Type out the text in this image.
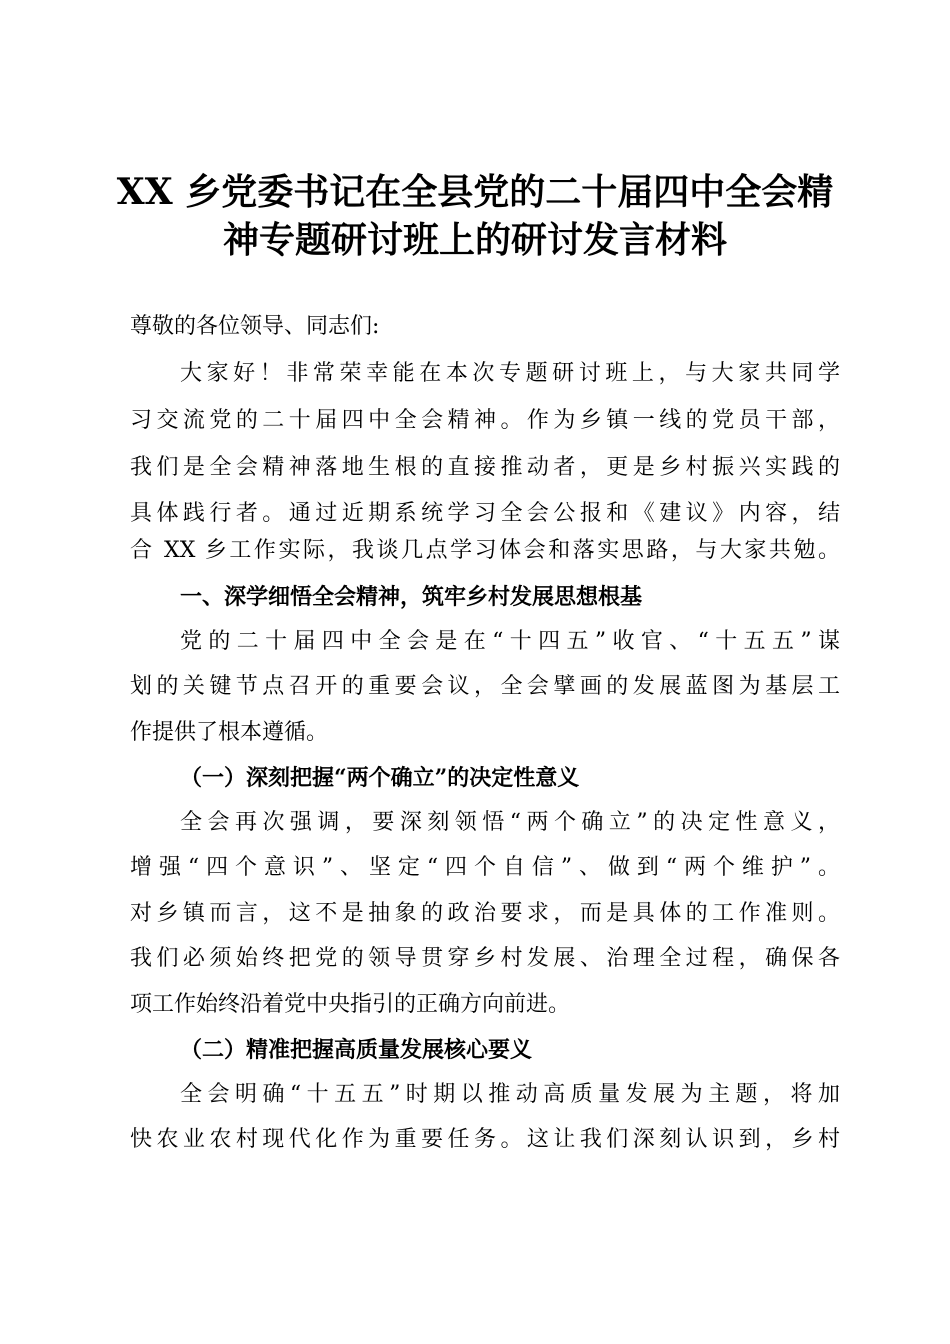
XX 乡党委书记在全县党的二十届四中全会精
神专题研讨班上的研讨发言材料
尊敬的各位领导、同志们:
大家好！非常荣幸能在本次专题研讨班上，与大家共同学
习交流党的二十届四中全会精神。作为乡镇一线的党员干部，
我们是全会精神落地生根的直接推动者，更是乡村振兴实践的
具体践行者。通过近期系统学习全会公报和《建议》内容，结
合 XX 乡工作实际，我谈几点学习体会和落实思路，与大家共勉。
一、深学细悟全会精神，筑牢乡村发展思想根基
党的二十届四中全会是在“十四五”收官、“十五五”谋
划的关键节点召开的重要会议，全会擘画的发展蓝图为基层工
作提供了根本遵循。
（一）深刻把握“两个确立”的决定性意义
全会再次强调，要深刻领悟“两个确立”的决定性意义，
增强“四个意识”、坚定“四个自信”、做到“两个维护”。
对乡镇而言，这不是抽象的政治要求，而是具体的工作准则。
我们必须始终把党的领导贯穿乡村发展、治理全过程，确保各
项工作始终沿着党中央指引的正确方向前进。
（二）精准把握高质量发展核心要义
全会明确“十五五”时期以推动高质量发展为主题，将加
快农业农村现代化作为重要任务。这让我们深刻认识到，乡村
